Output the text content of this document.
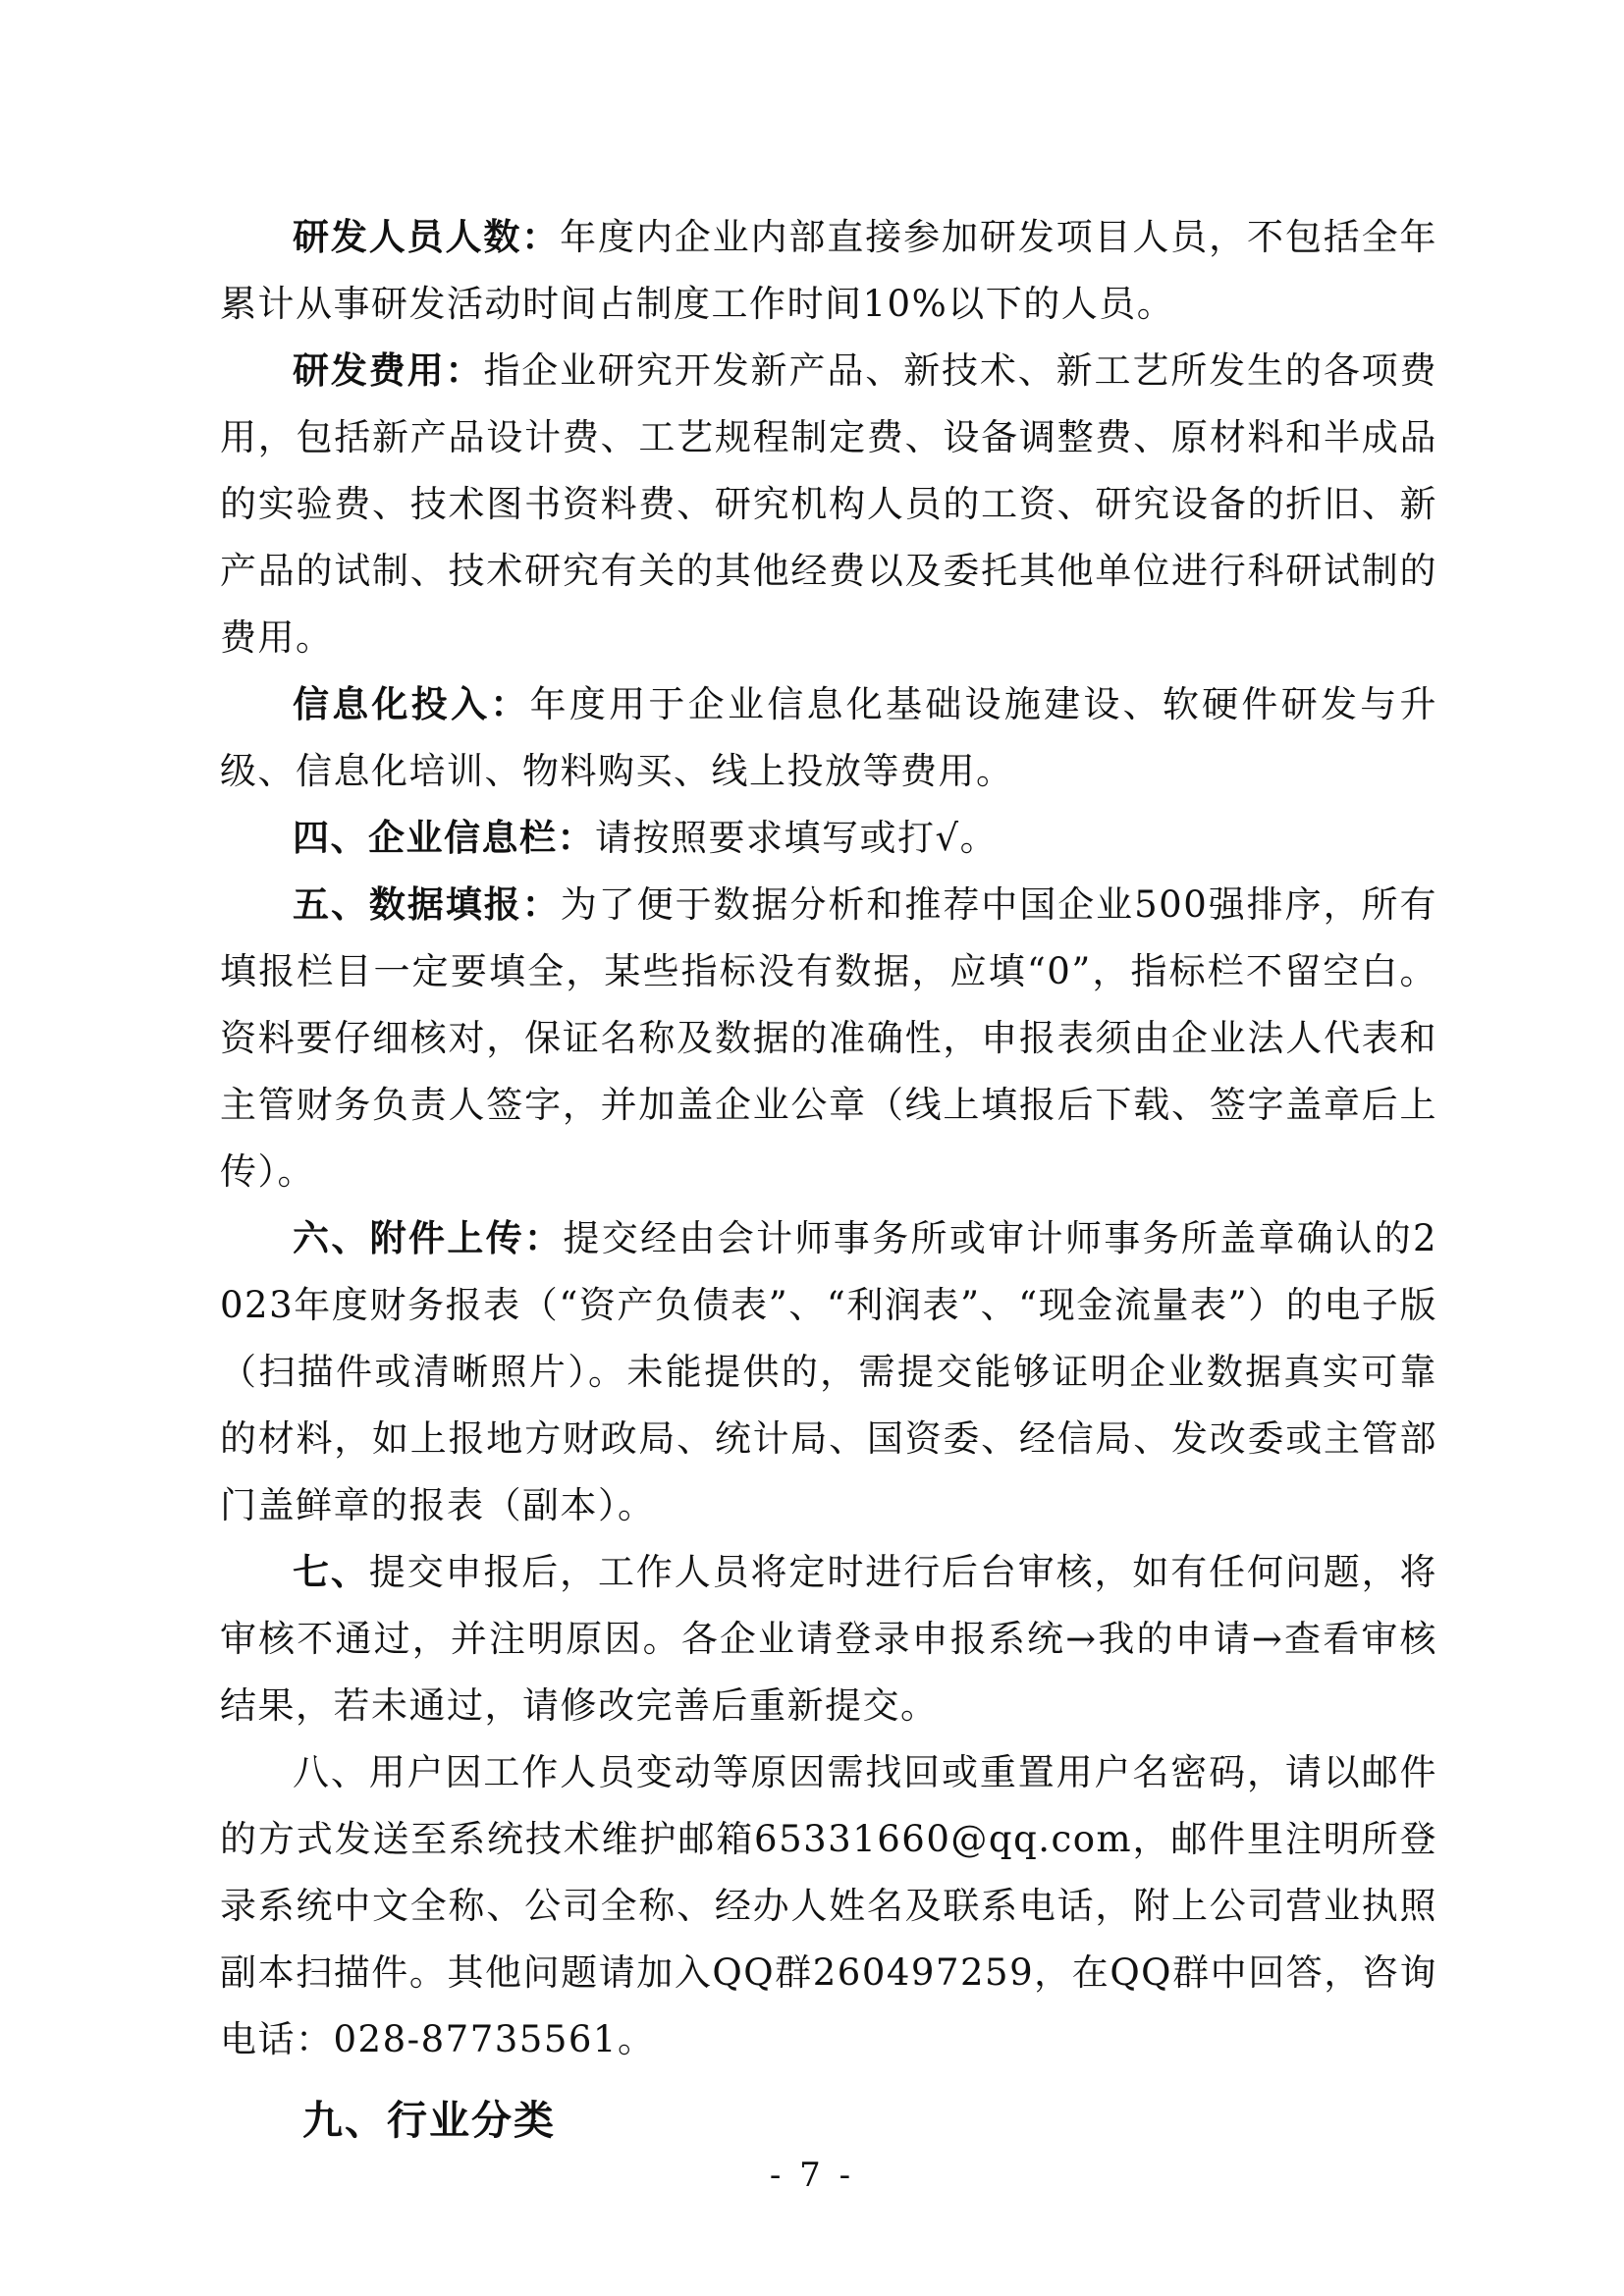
研发人员人数：年度内企业内部直接参加研发项目人员，不包括全年累计从事研发活动时间占制度工作时间10%以下的人员。

研发费用：指企业研究开发新产品、新技术、新工艺所发生的各项费用，包括新产品设计费、工艺规程制定费、设备调整费、原材料和半成品的实验费、技术图书资料费、研究机构人员的工资、研究设备的折旧、新产品的试制、技术研究有关的其他经费以及委托其他单位进行科研试制的费用。

信息化投入：年度用于企业信息化基础设施建设、软硬件研发与升级、信息化培训、物料购买、线上投放等费用。

四、企业信息栏：请按照要求填写或打√。

五、数据填报：为了便于数据分析和推荐中国企业500强排序，所有填报栏目一定要填全，某些指标没有数据，应填“0”，指标栏不留空白。资料要仔细核对，保证名称及数据的准确性，申报表须由企业法人代表和主管财务负责人签字，并加盖企业公章（线上填报后下载、签字盖章后上传）。

六、附件上传：提交经由会计师事务所或审计师事务所盖章确认的2023年度财务报表（“资产负债表”、“利润表”、“现金流量表”）的电子版（扫描件或清晰照片）。未能提供的，需提交能够证明企业数据真实可靠的材料，如上报地方财政局、统计局、国资委、经信局、发改委或主管部门盖鲜章的报表（副本）。

七、提交申报后，工作人员将定时进行后台审核，如有任何问题，将审核不通过，并注明原因。各企业请登录申报系统→我的申请→查看审核结果，若未通过，请修改完善后重新提交。

八、用户因工作人员变动等原因需找回或重置用户名密码，请以邮件的方式发送至系统技术维护邮箱65331660@qq.com，邮件里注明所登录系统中文全称、公司全称、经办人姓名及联系电话，附上公司营业执照副本扫描件。其他问题请加入QQ群260497259，在QQ群中回答，咨询电话：028-87735561。

九、行业分类
- 7 -
